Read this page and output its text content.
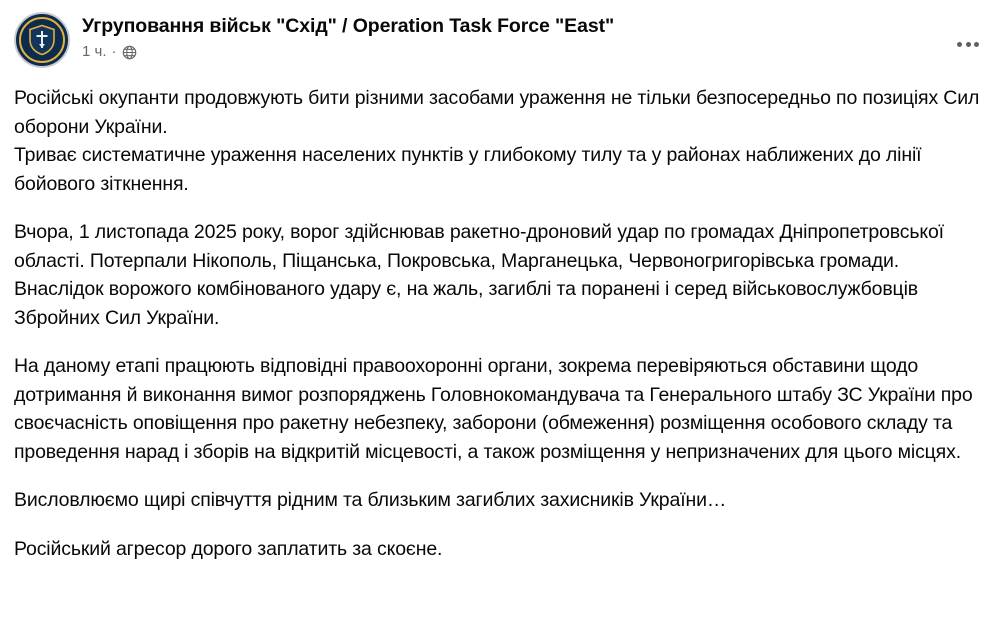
Угруповання військ "Схід" / Operation Task Force "East"
1 ч. ·

Російські окупанти продовжують бити різними засобами ураження не тільки безпосередньо по позиціях Сил оборони України.

Триває систематичне ураження населених пунктів у глибокому тилу та у районах наближених до лінії бойового зіткнення.

Вчора, 1 листопада 2025 року, ворог здійснював ракетно-дроновий удар по громадах Дніпропетровської області. Потерпали Нікополь, Піщанська, Покровська, Марганецька, Червоногригорівська громади.

Внаслідок ворожого комбінованого удару є, на жаль, загиблі та поранені і серед військовослужбовців Збройних Сил України.

На даному етапі працюють відповідні правоохоронні органи, зокрема перевіряються обставини щодо дотримання й виконання вимог розпоряджень Головнокомандувача та Генерального штабу ЗС України про своєчасність оповіщення про ракетну небезпеку, заборони (обмеження) розміщення особового складу та проведення нарад і зборів на відкритій місцевості, а також розміщення у непризначених для цього місцях.

Висловлюємо щирі співчуття рідним та близьким загиблих захисників України…

Російський агресор дорого заплатить за скоєне.
